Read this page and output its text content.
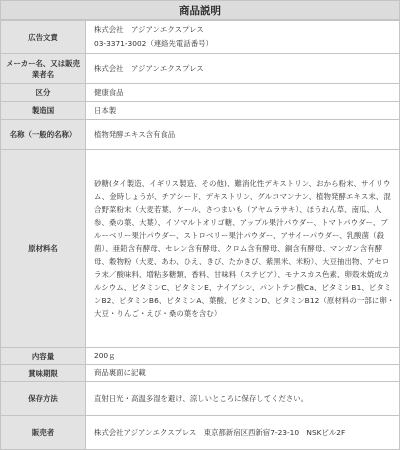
商品説明
広告文責	株式会社　アジアンエクスプレス
03-3371-3002（連絡先電話番号）
メーカー名、又は販売業者名	株式会社　アジアンエクスプレス
区分	健康食品
製造国	日本製
名称（一般的名称）	植物発酵エキス含有食品
原材料名	砂糖(タイ製造、イギリス製造、その他)、難消化性デキストリン、おから粉末、サイリウム、金時しょうが、チアシード、デキストリン、グルコマンナン、植物発酵エキス末、混合野菜粉末（大麦若葉、ケール、さつまいも（アヤムラサキ）、ほうれん草、南瓜、人参、桑の葉、大葉）、イソマルトオリゴ糖、アップル果汁パウダー、トマトパウダー、ブルーベリー果汁パウダー、ストロベリー果汁パウダー、アサイーパウダー、乳酸菌（殺菌）、亜鉛含有酵母、セレン含有酵母、クロム含有酵母、銅含有酵母、マンガン含有酵母、穀物粉（大麦、あわ、ひえ、きび、たかきび、紫黒米、米粉）、大豆抽出物、アセロラ末／酸味料、増粘多糖類、香料、甘味料（ステビア）、モナスカス色素、卵殻未焼成カルシウム、ビタミンC、ビタミンE、ナイアシン、パントテン酸Ca、ビタミンB1、ビタミンB2、ビタミンB6、ビタミンA、葉酸、ビタミンD、ビタミンB12（原材料の一部に卵・大豆・りんご・えび・桑の葉を含む）
内容量	200ｇ
賞味期限	商品裏面に記載
保存方法	直射日光・高温多湿を避け、涼しいところに保存してください。
販売者	株式会社アジアンエクスプレス　東京都新宿区西新宿7-23-10　NSKビル2F
